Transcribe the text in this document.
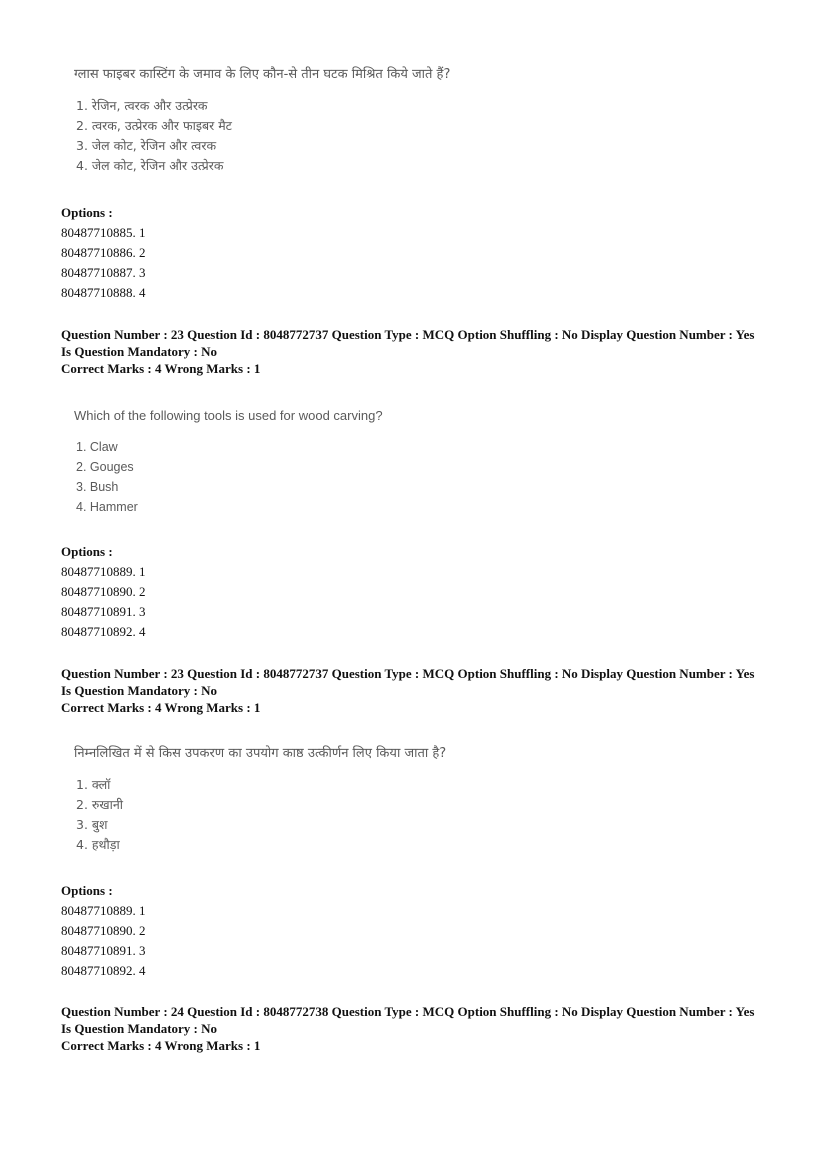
ग्लास फाइबर कास्टिंग के जमाव के लिए कौन-से तीन घटक मिश्रित किये जाते हैं?
1. रेजिन, त्वरक और उत्प्रेरक
2. त्वरक, उत्प्रेरक और फाइबर मैट
3. जेल कोट, रेजिन और त्वरक
4. जेल कोट, रेजिन और उत्प्रेरक
Options :
80487710885. 1
80487710886. 2
80487710887. 3
80487710888. 4
Question Number : 23 Question Id : 8048772737 Question Type : MCQ Option Shuffling : No Display Question Number : Yes
Is Question Mandatory : No
Correct Marks : 4 Wrong Marks : 1
Which of the following tools is used for wood carving?
1. Claw
2. Gouges
3. Bush
4. Hammer
Options :
80487710889. 1
80487710890. 2
80487710891. 3
80487710892. 4
Question Number : 23 Question Id : 8048772737 Question Type : MCQ Option Shuffling : No Display Question Number : Yes
Is Question Mandatory : No
Correct Marks : 4 Wrong Marks : 1
निम्नलिखित में से किस उपकरण का उपयोग काष्ठ उत्कीर्णन लिए किया जाता है?
1. क्लॉ
2. रुखानी
3. बुश
4. हथौड़ा
Options :
80487710889. 1
80487710890. 2
80487710891. 3
80487710892. 4
Question Number : 24 Question Id : 8048772738 Question Type : MCQ Option Shuffling : No Display Question Number : Yes
Is Question Mandatory : No
Correct Marks : 4 Wrong Marks : 1
